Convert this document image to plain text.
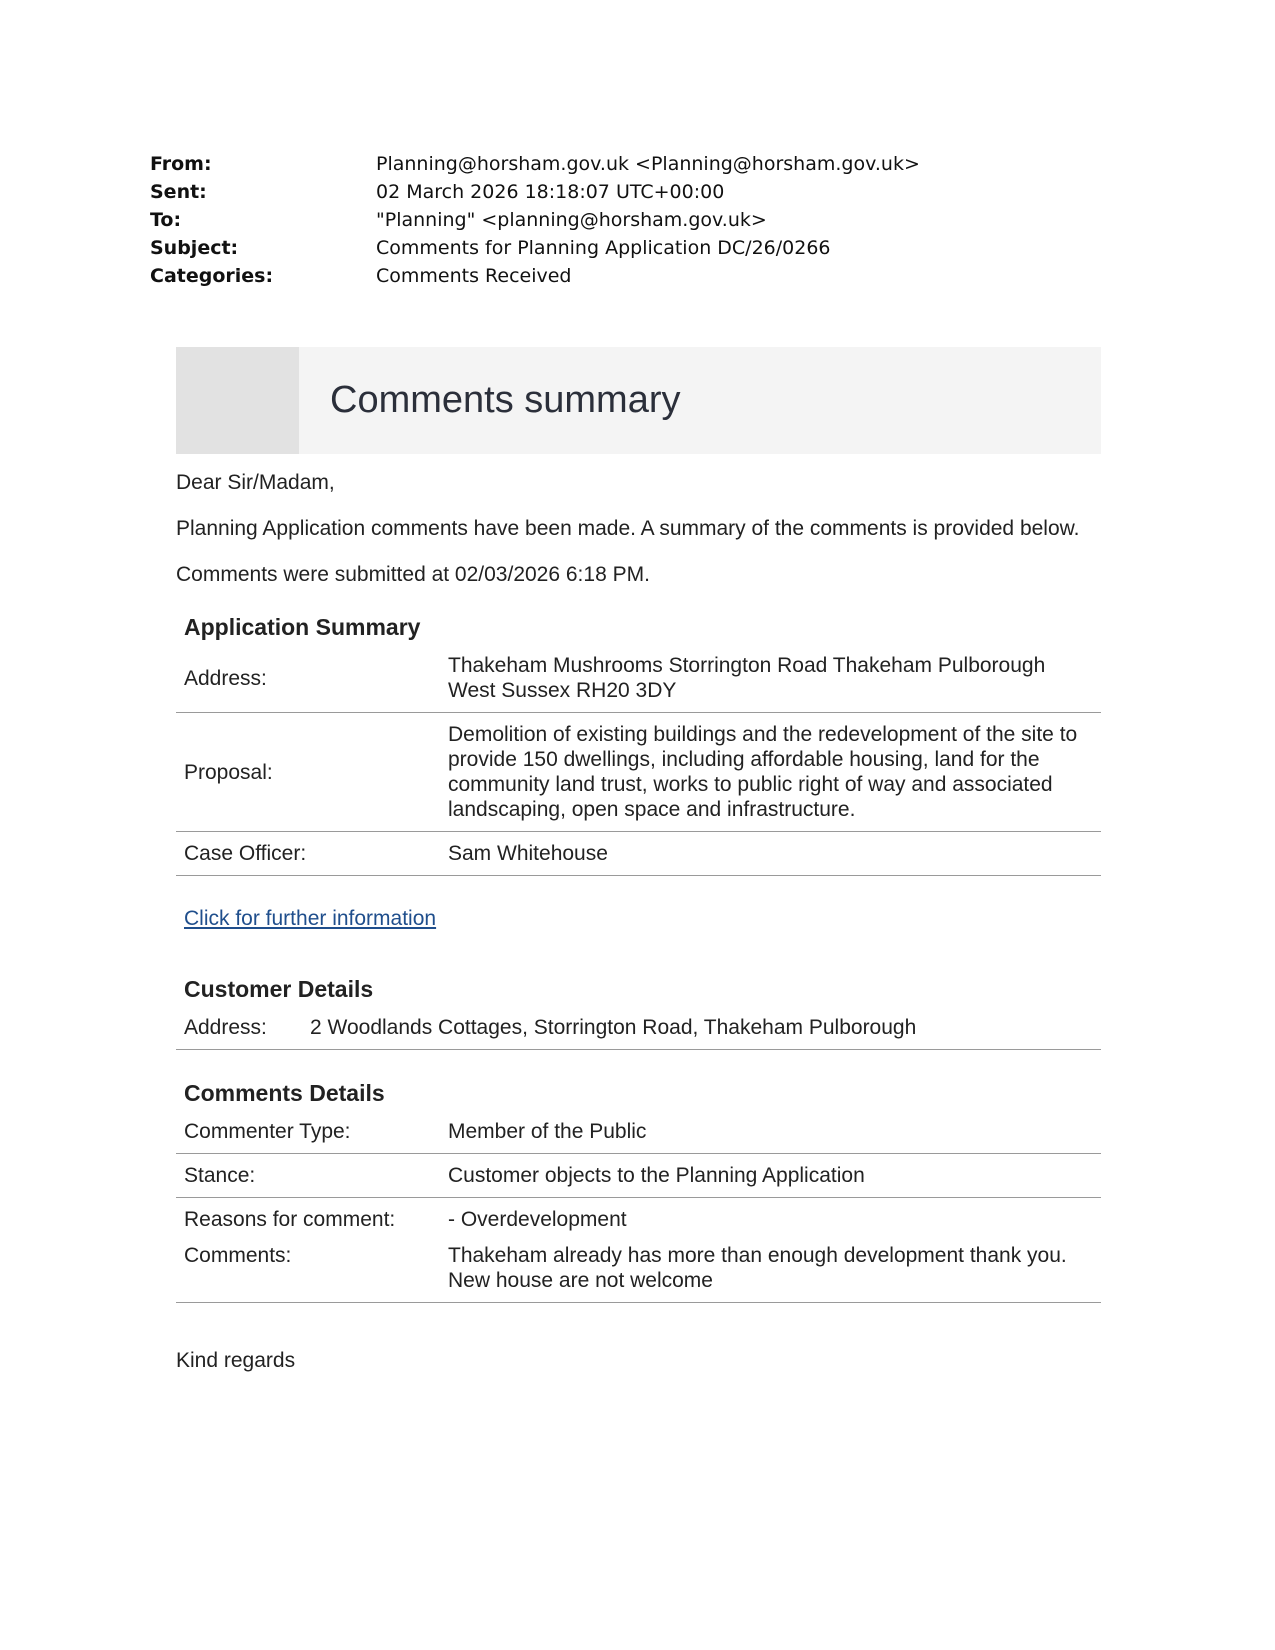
From:	Planning@horsham.gov.uk <Planning@horsham.gov.uk>
Sent:	02 March 2026 18:18:07 UTC+00:00
To:	"Planning" <planning@horsham.gov.uk>
Subject:	Comments for Planning Application DC/26/0266
Categories:	Comments Received
Comments summary

Dear Sir/Madam,

Planning Application comments have been made. A summary of the comments is provided below.

Comments were submitted at 02/03/2026 6:18 PM.

Application Summary
Address:	Thakeham Mushrooms Storrington Road Thakeham Pulborough West Sussex RH20 3DY
Proposal:	Demolition of existing buildings and the redevelopment of the site to provide 150 dwellings, including affordable housing, land for the community land trust, works to public right of way and associated landscaping, open space and infrastructure.
Case Officer:	Sam Whitehouse
Click for further information
Customer Details
Address:	2 Woodlands Cottages, Storrington Road, Thakeham Pulborough
Comments Details
Commenter Type:	Member of the Public
Stance:	Customer objects to the Planning Application
Reasons for comment:	- Overdevelopment
Comments:	Thakeham already has more than enough development thank you. New house are not welcome

Kind regards
